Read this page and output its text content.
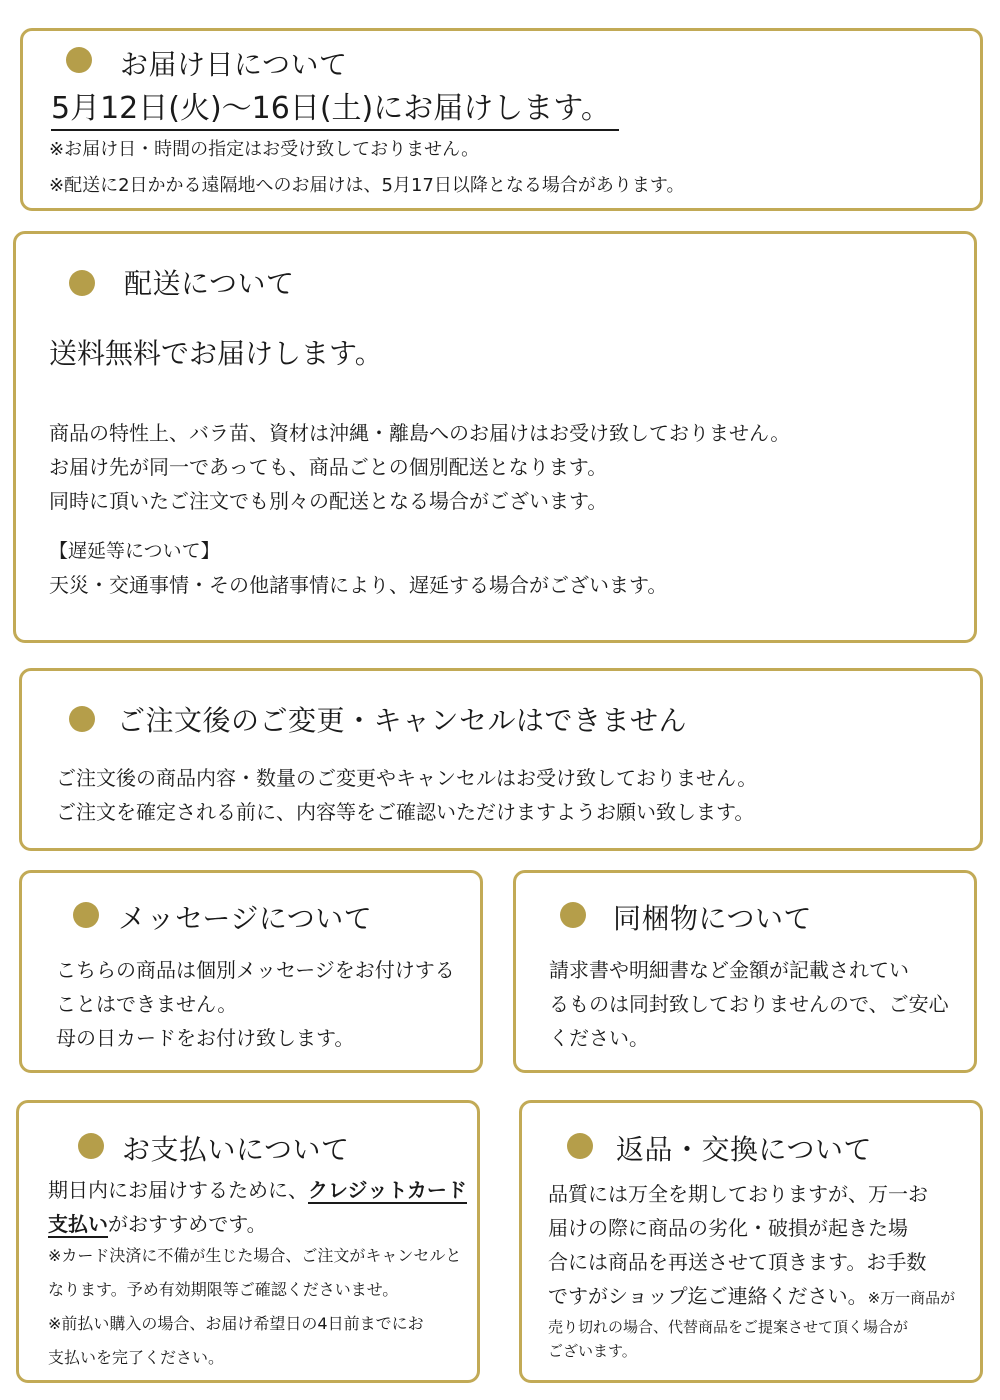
お届け日について
5月12日(火)～16日(土)にお届けします。
※お届け日・時間の指定はお受け致しておりません。
※配送に2日かかる遠隔地へのお届けは、5月17日以降となる場合があります。
配送について
送料無料でお届けします。
商品の特性上、バラ苗、資材は沖縄・離島へのお届けはお受け致しておりません。
お届け先が同一であっても、商品ごとの個別配送となります。
同時に頂いたご注文でも別々の配送となる場合がございます。
【遅延等について】
天災・交通事情・その他諸事情により、遅延する場合がございます。
ご注文後のご変更・キャンセルはできません
ご注文後の商品内容・数量のご変更やキャンセルはお受け致しておりません。
ご注文を確定される前に、内容等をご確認いただけますようお願い致します。
メッセージについて
こちらの商品は個別メッセージをお付けする
ことはできません。
母の日カードをお付け致します。
同梱物について
請求書や明細書など金額が記載されてい
るものは同封致しておりませんので、ご安心
ください。
お支払いについて
期日内にお届けするために、クレジットカード
支払いがおすすめです。
※カード決済に不備が生じた場合、ご注文がキャンセルと
なります。予め有効期限等ご確認くださいませ。
※前払い購入の場合、お届け希望日の4日前までにお
支払いを完了ください。
返品・交換について
品質には万全を期しておりますが、万一お
届けの際に商品の劣化・破損が起きた場
合には商品を再送させて頂きます。お手数
ですがショップ迄ご連絡ください。※万一商品が
売り切れの場合、代替商品をご提案させて頂く場合が
ございます。
